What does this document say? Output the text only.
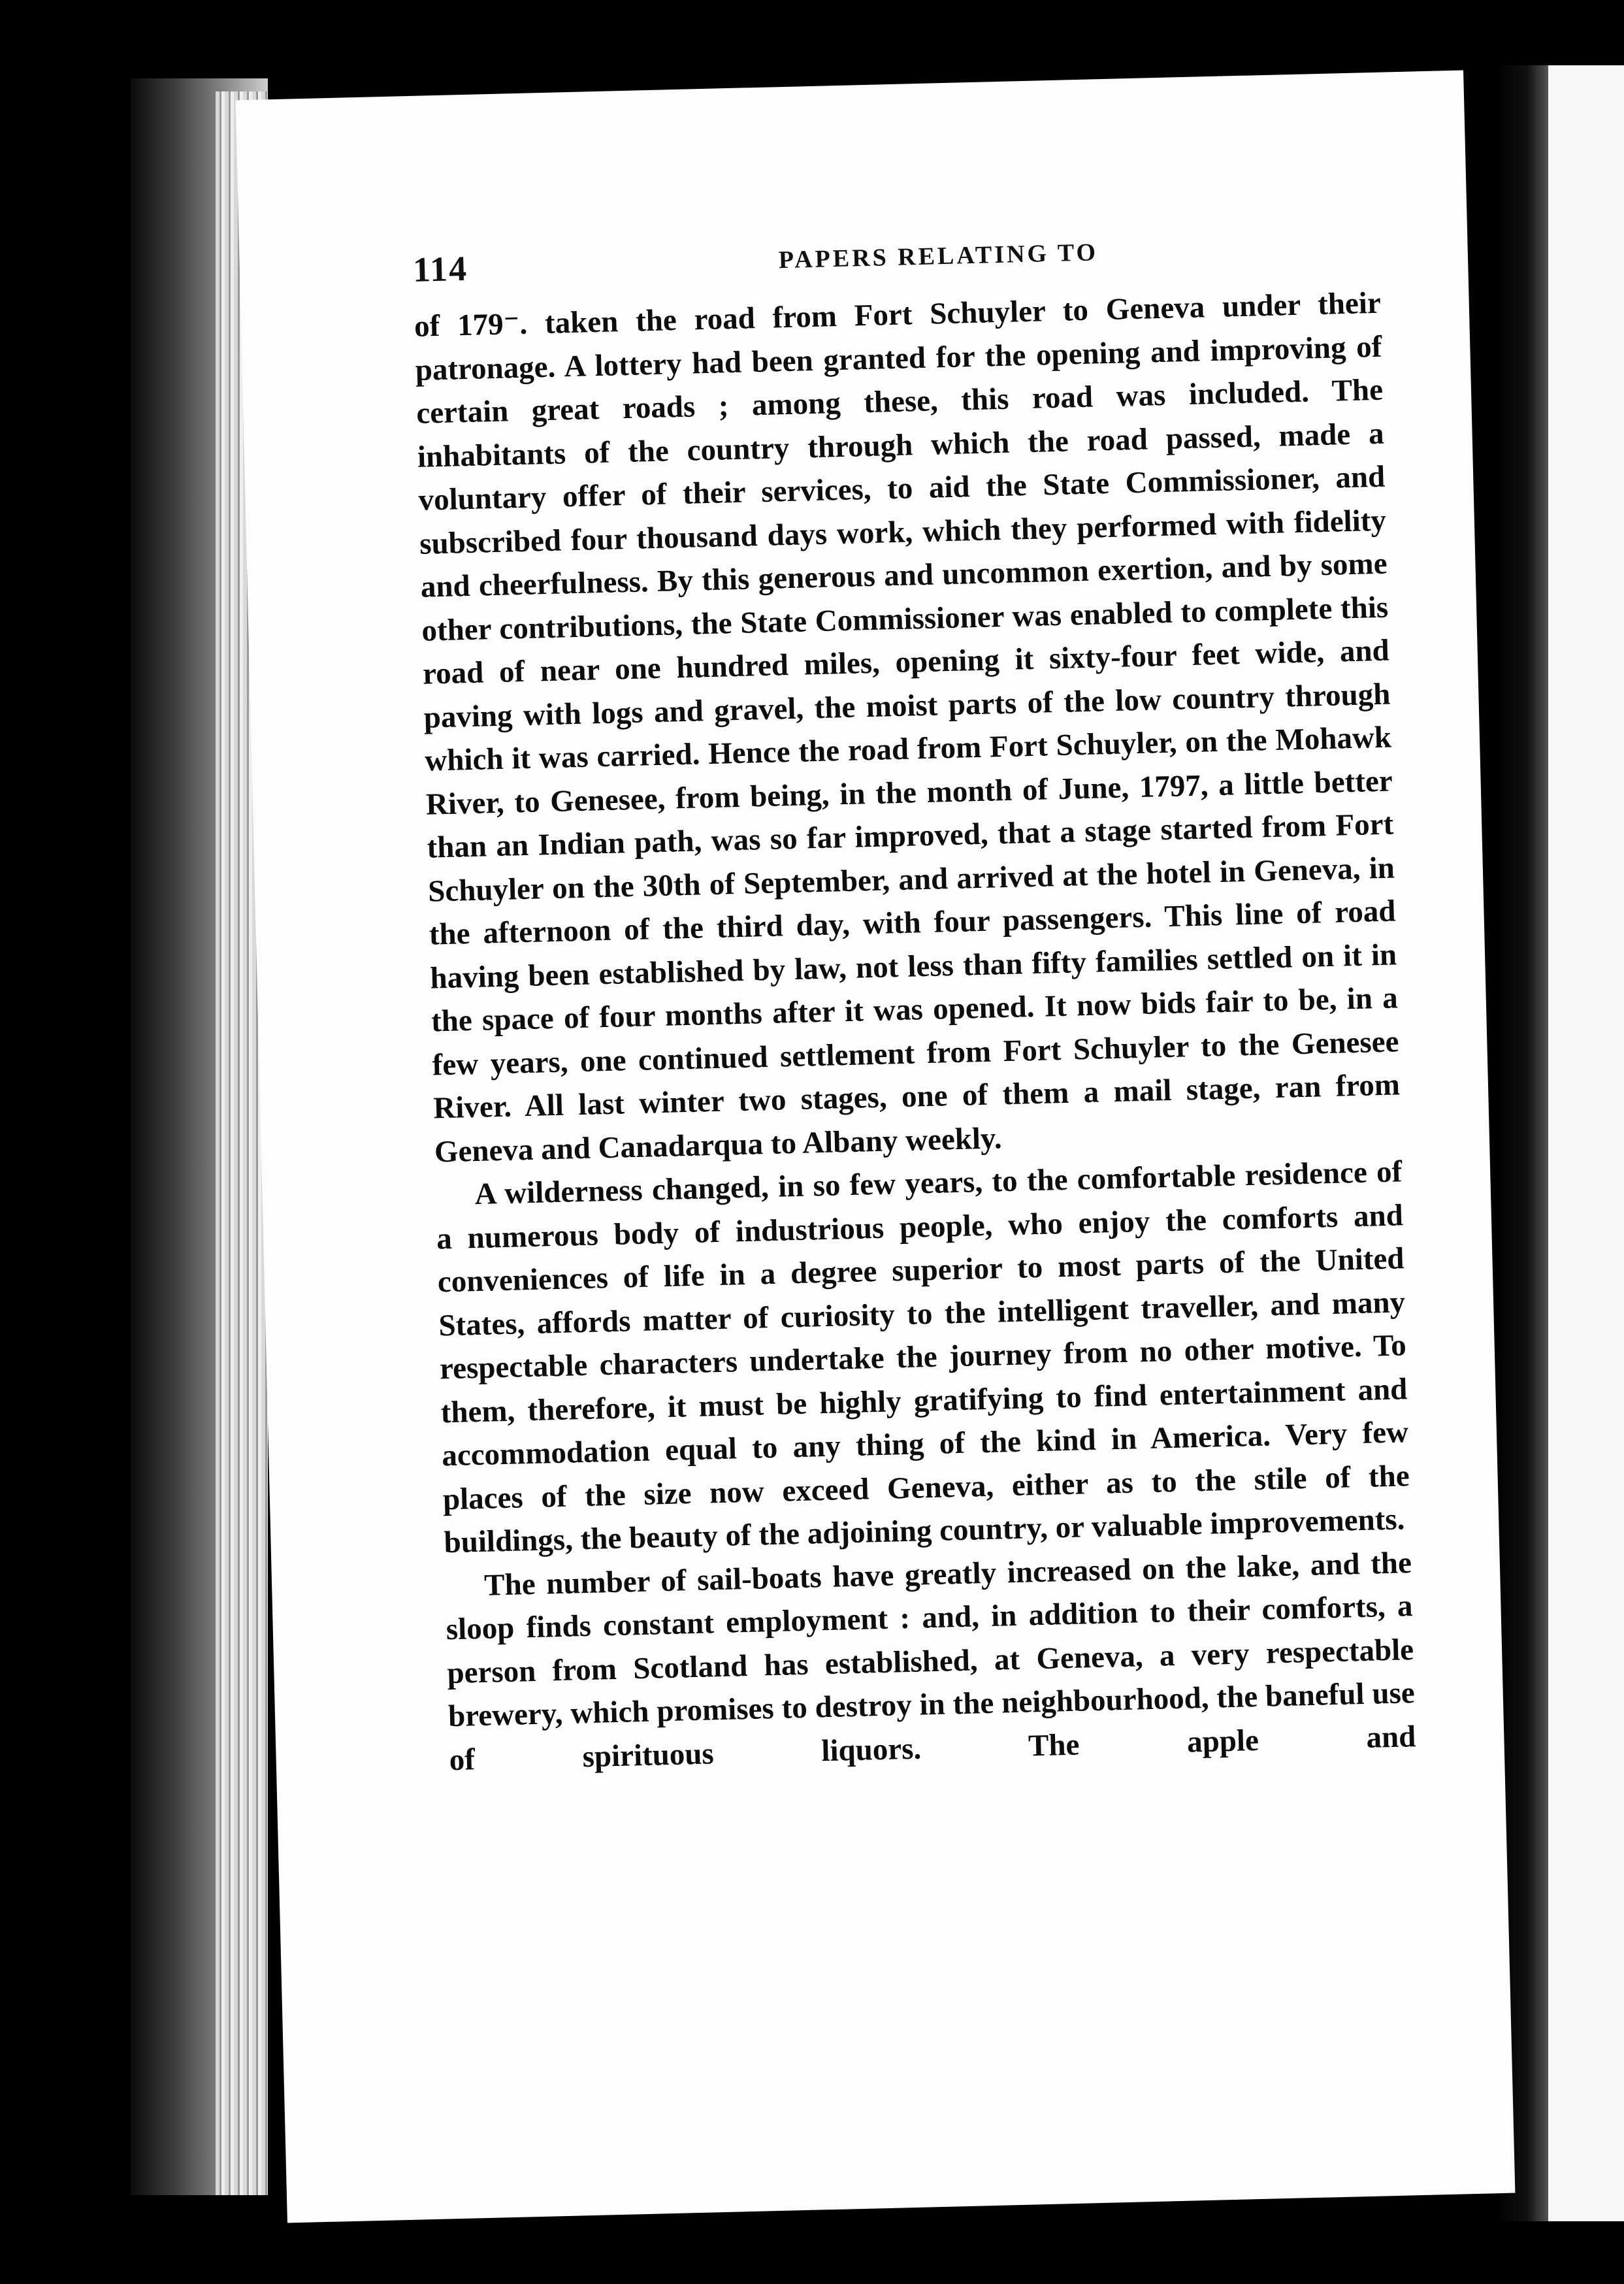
114	PAPERS RELATING TO

of 179⁻. taken the road from Fort Schuyler to Geneva under their patronage. A lottery had been granted for the opening and improving of certain great roads ; among these, this road was included. The inhabitants of the country through which the road passed, made a voluntary offer of their services, to aid the State Commissioner, and subscribed four thousand days work, which they performed with fidelity and cheerfulness. By this generous and uncommon exertion, and by some other contributions, the State Commissioner was enabled to complete this road of near one hundred miles, opening it sixty-four feet wide, and paving with logs and gravel, the moist parts of the low country through which it was carried. Hence the road from Fort Schuyler, on the Mohawk River, to Genesee, from being, in the month of June, 1797, a little better than an Indian path, was so far improved, that a stage started from Fort Schuyler on the 30th of September, and arrived at the hotel in Geneva, in the afternoon of the third day, with four passengers. This line of road having been established by law, not less than fifty families settled on it in the space of four months after it was opened. It now bids fair to be, in a few years, one continued settlement from Fort Schuyler to the Genesee River. All last winter two stages, one of them a mail stage, ran from Geneva and Canadarqua to Albany weekly.

A wilderness changed, in so few years, to the comfortable residence of a numerous body of industrious people, who enjoy the comforts and conveniences of life in a degree superior to most parts of the United States, affords matter of curiosity to the intelligent traveller, and many respectable characters undertake the journey from no other motive. To them, therefore, it must be highly gratifying to find entertainment and accommodation equal to any thing of the kind in America. Very few places of the size now exceed Geneva, either as to the stile of the buildings, the beauty of the adjoining country, or valuable improvements.

The number of sail-boats have greatly increased on the lake, and the sloop finds constant employment : and, in addition to their comforts, a person from Scotland has established, at Geneva, a very respectable brewery, which promises to destroy in the neighbourhood, the baneful use of spirituous liquors. The apple and
